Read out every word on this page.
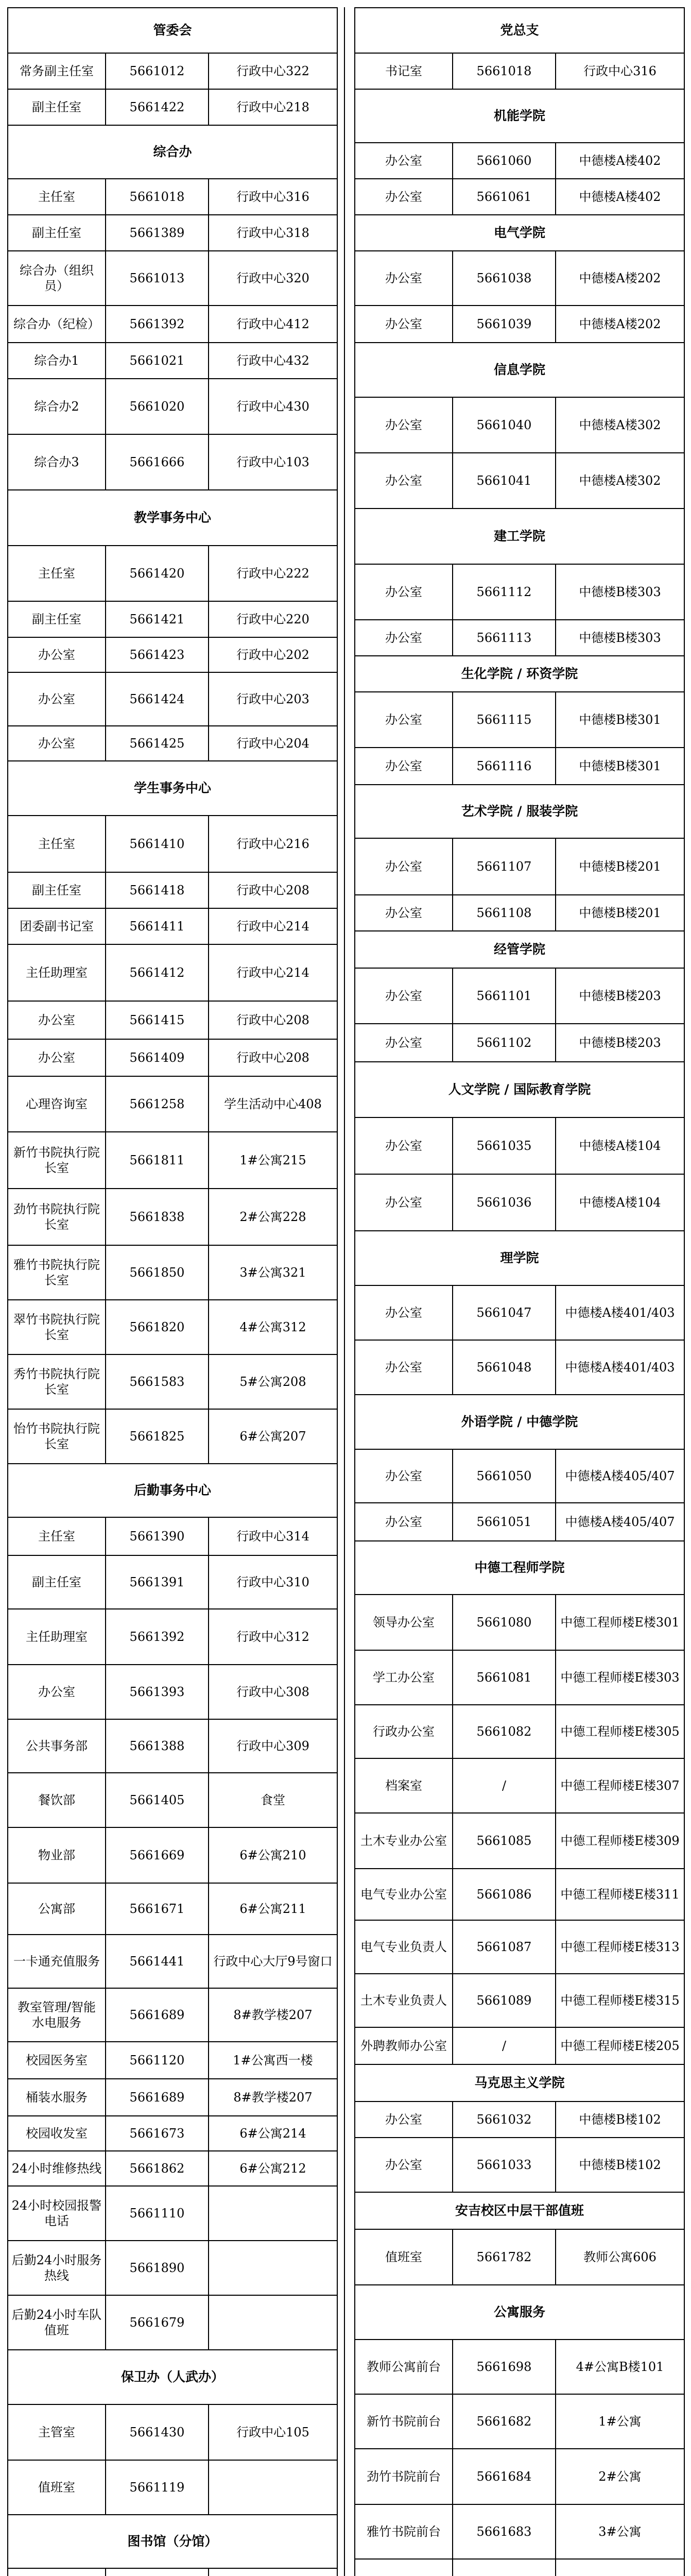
管委会		
常务副主任室	5661012	行政中心322
副主任室	5661422	行政中心218
综合办		
主任室	5661018	行政中心316
副主任室	5661389	行政中心318
综合办（组织员）	5661013	行政中心320
综合办（纪检）	5661392	行政中心412
综合办1	5661021	行政中心432
综合办2	5661020	行政中心430
综合办3	5661666	行政中心103
教学事务中心		
主任室	5661420	行政中心222
副主任室	5661421	行政中心220
办公室	5661423	行政中心202
办公室	5661424	行政中心203
办公室	5661425	行政中心204
学生事务中心		
主任室	5661410	行政中心216
副主任室	5661418	行政中心208
团委副书记室	5661411	行政中心214
主任助理室	5661412	行政中心214
办公室	5661415	行政中心208
办公室	5661409	行政中心208
心理咨询室	5661258	学生活动中心408
新竹书院执行院长室	5661811	1#公寓215
劲竹书院执行院长室	5661838	2#公寓228
雅竹书院执行院长室	5661850	3#公寓321
翠竹书院执行院长室	5661820	4#公寓312
秀竹书院执行院长室	5661583	5#公寓208
怡竹书院执行院长室	5661825	6#公寓207
后勤事务中心		
主任室	5661390	行政中心314
副主任室	5661391	行政中心310
主任助理室	5661392	行政中心312
办公室	5661393	行政中心308
公共事务部	5661388	行政中心309
餐饮部	5661405	食堂
物业部	5661669	6#公寓210
公寓部	5661671	6#公寓211
一卡通充值服务	5661441	行政中心大厅9号窗口
教室管理/智能水电服务	5661689	8#教学楼207
校园医务室	5661120	1#公寓西一楼
桶装水服务	5661689	8#教学楼207
校园收发室	5661673	6#公寓214
24小时维修热线	5661862	6#公寓212
24小时校园报警电话	5661110	
后勤24小时服务热线	5661890	
后勤24小时车队值班	5661679	
保卫办（人武办）		
主管室	5661430	行政中心105
值班室	5661119	
图书馆（分馆）		

党总支		
书记室	5661018	行政中心316
机能学院		
办公室	5661060	中德楼A楼402
办公室	5661061	中德楼A楼402
电气学院		
办公室	5661038	中德楼A楼202
办公室	5661039	中德楼A楼202
信息学院		
办公室	5661040	中德楼A楼302
办公室	5661041	中德楼A楼302
建工学院		
办公室	5661112	中德楼B楼303
办公室	5661113	中德楼B楼303
生化学院 / 环资学院		
办公室	5661115	中德楼B楼301
办公室	5661116	中德楼B楼301
艺术学院 / 服装学院		
办公室	5661107	中德楼B楼201
办公室	5661108	中德楼B楼201
经管学院		
办公室	5661101	中德楼B楼203
办公室	5661102	中德楼B楼203
人文学院 / 国际教育学院		
办公室	5661035	中德楼A楼104
办公室	5661036	中德楼A楼104
理学院		
办公室	5661047	中德楼A楼401/403
办公室	5661048	中德楼A楼401/403
外语学院 / 中德学院		
办公室	5661050	中德楼A楼405/407
办公室	5661051	中德楼A楼405/407
中德工程师学院		
领导办公室	5661080	中德工程师楼E楼301
学工办公室	5661081	中德工程师楼E楼303
行政办公室	5661082	中德工程师楼E楼305
档案室	/	中德工程师楼E楼307
土木专业办公室	5661085	中德工程师楼E楼309
电气专业办公室	5661086	中德工程师楼E楼311
电气专业负责人	5661087	中德工程师楼E楼313
土木专业负责人	5661089	中德工程师楼E楼315
外聘教师办公室	/	中德工程师楼E楼205
马克思主义学院		
办公室	5661032	中德楼B楼102
办公室	5661033	中德楼B楼102
安吉校区中层干部值班		
值班室	5661782	教师公寓606
公寓服务		
教师公寓前台	5661698	4#公寓B楼101
新竹书院前台	5661682	1#公寓
劲竹书院前台	5661684	2#公寓
雅竹书院前台	5661683	3#公寓
